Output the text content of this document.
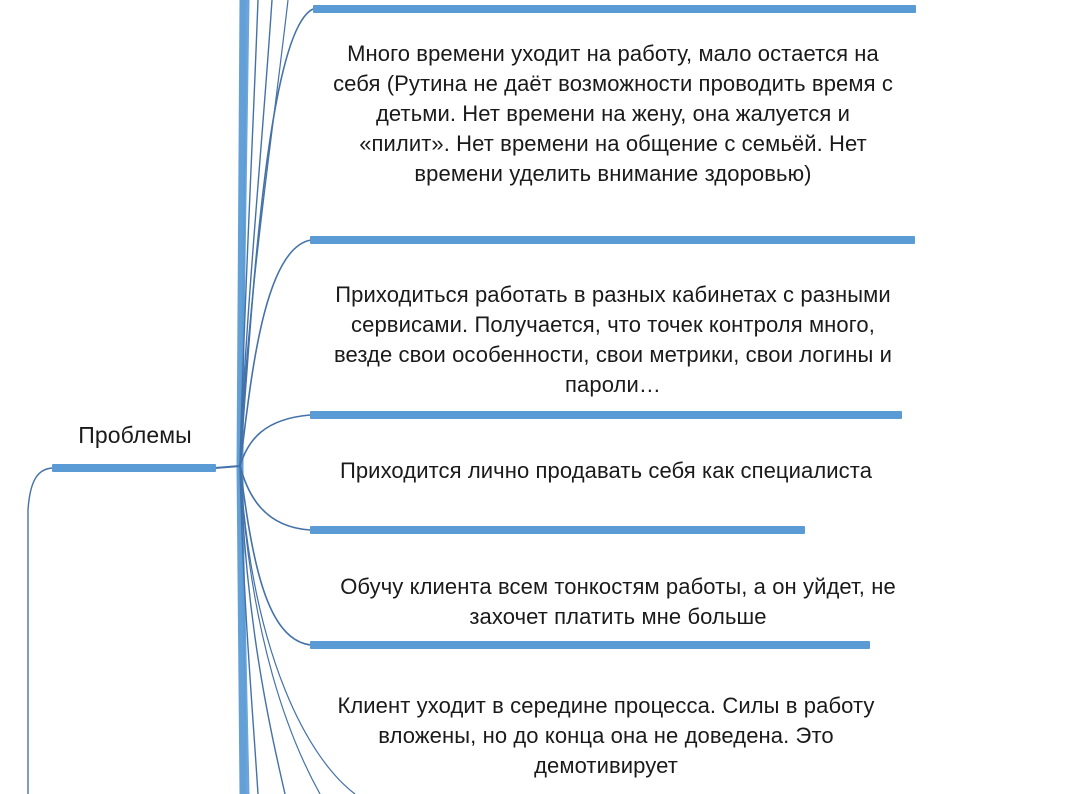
Проблемы
Много времени уходит на работу, мало остается на себя (Рутина не даёт возможности проводить время с детьми. Нет времени на жену, она жалуется и «пилит». Нет времени на общение с семьёй. Нет времени уделить внимание здоровью)
Приходиться работать в разных кабинетах с разными сервисами. Получается, что точек контроля много, везде свои особенности, свои метрики, свои логины и пароли…
Приходится лично продавать себя как специалиста
Обучу клиента всем тонкостям работы, а он уйдет, не захочет платить мне больше
Клиент уходит в середине процесса. Силы в работу вложены, но до конца она не доведена. Это демотивирует
